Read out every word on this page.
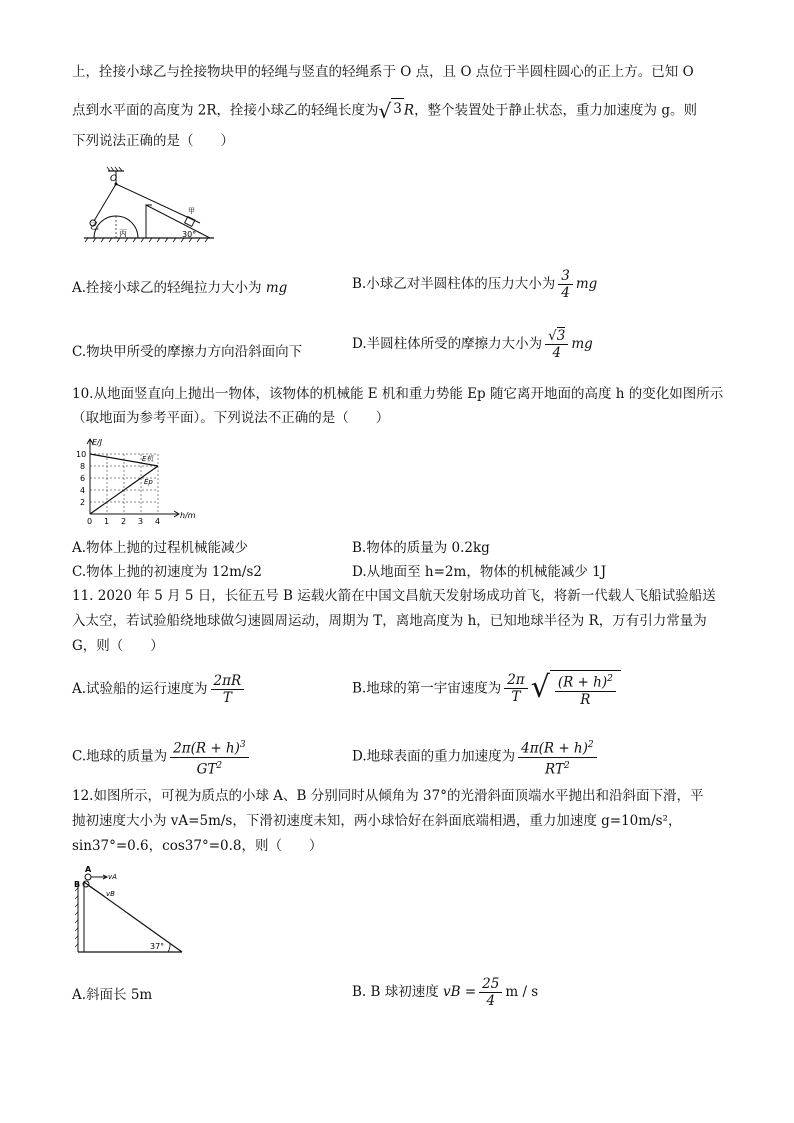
上，拴接小球乙与拴接物块甲的轻绳与竖直的轻绳系于 O 点，且 O 点位于半圆柱圆心的正上方。已知 O
点到水平面的高度为 2R，拴接小球乙的轻绳长度为 √ 3 R，整个装置处于静止状态，重力加速度为 g。则
下列说法正确的是（　　）
乙
O
丙
甲
30°
A.拴接小球乙的轻绳拉力大小为 mg	B.小球乙对半圆柱体的压力大小为 $\frac{3}{4}$ mg
C.物块甲所受的摩擦力方向沿斜面向下	D.半圆柱体所受的摩擦力大小为 $\frac{√3}{4}$ mg
10.从地面竖直向上抛出一物体，该物体的机械能 E 机和重力势能 Ep 随它离开地面的高度 h 的变化如图所示
（取地面为参考平面）。下列说法不正确的是（　　）
E/J
h/m
10
8
6
4
2
0 1 2 3 4
E机
Ep
A.物体上抛的过程机械能减少	B.物体的质量为 0.2kg
C.物体上抛的初速度为 12m/s2	D.从地面至 h=2m，物体的机械能减少 1J
11. 2020 年 5 月 5 日，长征五号 B 运载火箭在中国文昌航天发射场成功首飞，将新一代载人飞船试验船送
入太空，若试验船绕地球做匀速圆周运动，周期为 T，离地高度为 h，已知地球半径为 R，万有引力常量为
G，则（　　）
A.试验船的运行速度为 $\frac{2\pi R}{T}$	B.地球的第一宇宙速度为 $\frac{2\pi}{T}$ √ $\frac{(R + h)^2}{R}$
C.地球的质量为 $\frac{2\pi(R + h)^3}{GT^2}$	D.地球表面的重力加速度为 $\frac{4\pi(R + h)^2}{RT^2}$
12.如图所示，可视为质点的小球 A、B 分别同时从倾角为 37°的光滑斜面顶端水平抛出和沿斜面下滑，平
抛初速度大小为 vA=5m/s，下滑初速度未知，两小球恰好在斜面底端相遇，重力加速度 g=10m/s²，
sin37°=0.6，cos37°=0.8，则（　　）
A
B
vA
vB
37°
A.斜面长 5m	B. B 球初速度 vB = $\frac{25}{4}$ m / s
